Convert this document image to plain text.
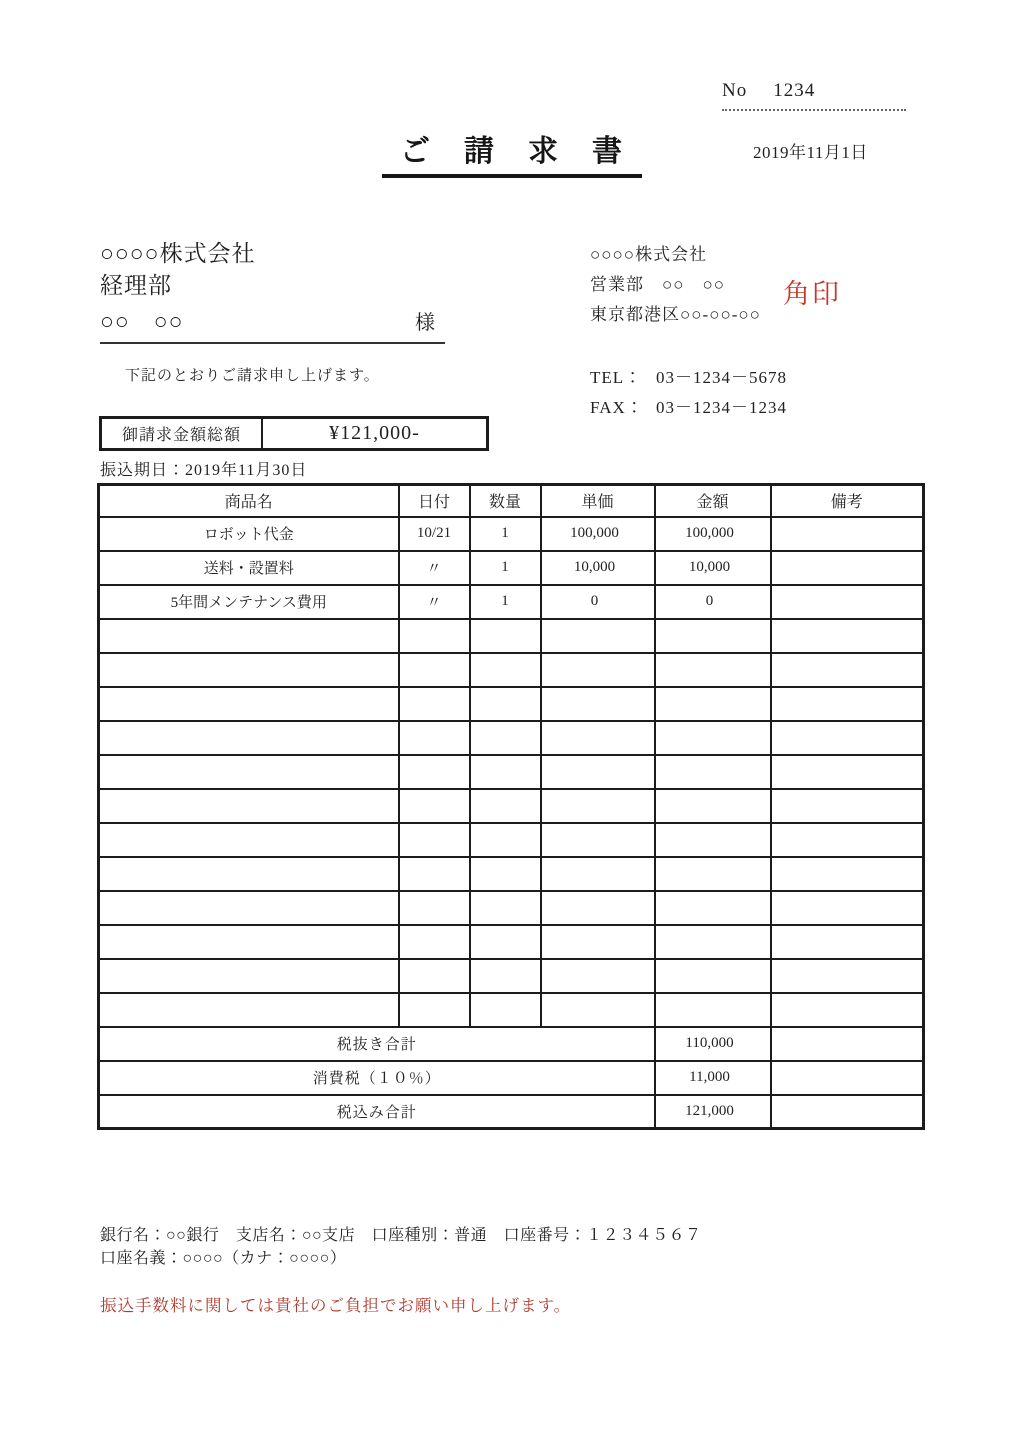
No 1234
2019年11月1日
ご　請　求　書
○○○○株式会社
経理部
○○　○○	様
下記のとおりご請求申し上げます。
○○○○株式会社
営業部　○○　○○
東京都港区○○-○○-○○
角印
TEL： 03－1234－5678
FAX： 03－1234－1234
御請求金額総額	¥121,000-
振込期日：2019年11月30日
商品名	日付	数量	単価	金額	備考
ロボット代金	10/21	1	100,000	100,000	
送料・設置料	〃	1	10,000	10,000	
5年間メンテナンス費用	〃	1	0	0	

税抜き合計				110,000	
消費税（１０％）				11,000	
税込み合計				121,000	
銀行名：○○銀行　支店名：○○支店　口座種別：普通　口座番号：１２３４５６７
口座名義：○○○○（カナ：○○○○）
振込手数料に関しては貴社のご負担でお願い申し上げます。
